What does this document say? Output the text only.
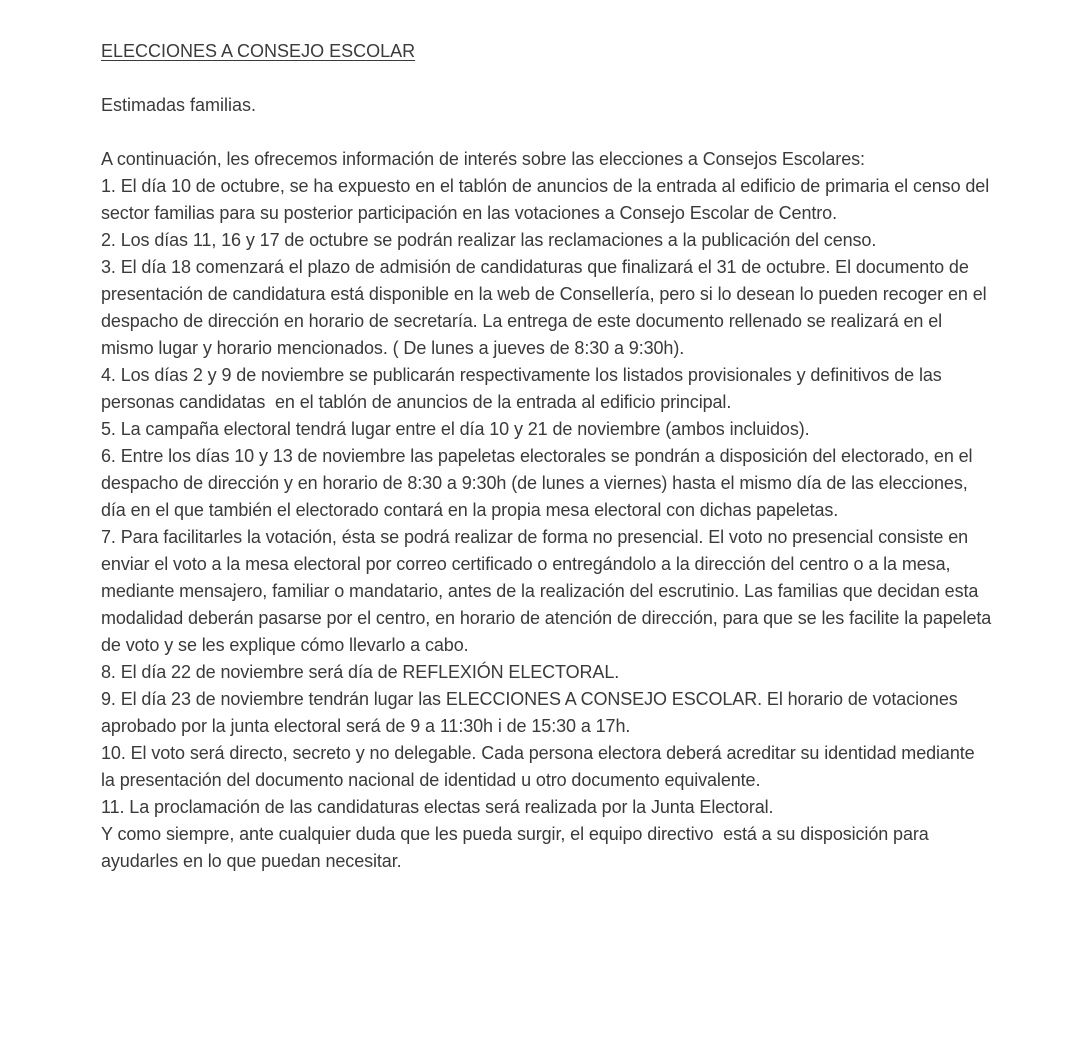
ELECCIONES A CONSEJO ESCOLAR

Estimadas familias.

A continuación, les ofrecemos información de interés sobre las elecciones a Consejos Escolares:

1. El día 10 de octubre, se ha expuesto en el tablón de anuncios de la entrada al edificio de primaria el censo del sector familias para su posterior participación en las votaciones a Consejo Escolar de Centro.

2. Los días 11, 16 y 17 de octubre se podrán realizar las reclamaciones a la publicación del censo.

3. El día 18 comenzará el plazo de admisión de candidaturas que finalizará el 31 de octubre. El documento de presentación de candidatura está disponible en la web de Consellería, pero si lo desean lo pueden recoger en el despacho de dirección en horario de secretaría. La entrega de este documento rellenado se realizará en el mismo lugar y horario mencionados. ( De lunes a jueves de 8:30 a 9:30h).

4. Los días 2 y 9 de noviembre se publicarán respectivamente los listados provisionales y definitivos de las personas candidatas  en el tablón de anuncios de la entrada al edificio principal.

5. La campaña electoral tendrá lugar entre el día 10 y 21 de noviembre (ambos incluidos).

6. Entre los días 10 y 13 de noviembre las papeletas electorales se pondrán a disposición del electorado, en el despacho de dirección y en horario de 8:30 a 9:30h (de lunes a viernes) hasta el mismo día de las elecciones, día en el que también el electorado contará en la propia mesa electoral con dichas papeletas.

7. Para facilitarles la votación, ésta se podrá realizar de forma no presencial. El voto no presencial consiste en enviar el voto a la mesa electoral por correo certificado o entregándolo a la dirección del centro o a la mesa, mediante mensajero, familiar o mandatario, antes de la realización del escrutinio. Las familias que decidan esta modalidad deberán pasarse por el centro, en horario de atención de dirección, para que se les facilite la papeleta de voto y se les explique cómo llevarlo a cabo.

8. El día 22 de noviembre será día de REFLEXIÓN ELECTORAL.

9. El día 23 de noviembre tendrán lugar las ELECCIONES A CONSEJO ESCOLAR. El horario de votaciones aprobado por la junta electoral será de 9 a 11:30h i de 15:30 a 17h.

10. El voto será directo, secreto y no delegable. Cada persona electora deberá acreditar su identidad mediante la presentación del documento nacional de identidad u otro documento equivalente.

11. La proclamación de las candidaturas electas será realizada por la Junta Electoral.

Y como siempre, ante cualquier duda que les pueda surgir, el equipo directivo  está a su disposición para ayudarles en lo que puedan necesitar.
